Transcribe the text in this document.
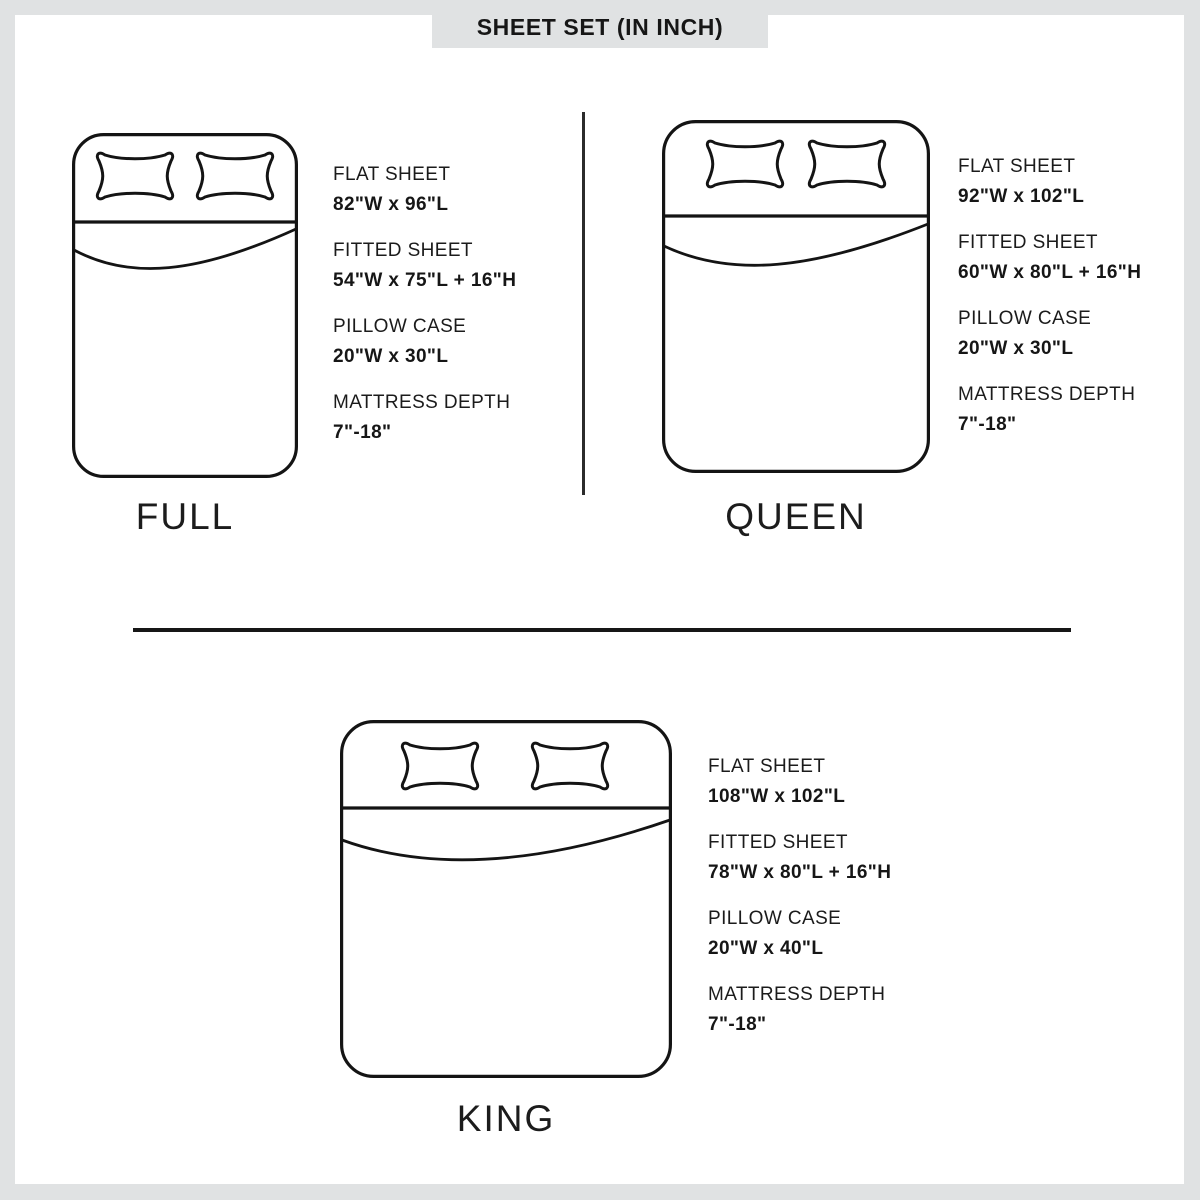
SHEET SET (IN INCH)
FULL

FLAT SHEET

82"W x 96"L

FITTED SHEET

54"W x 75"L + 16"H

PILLOW CASE

20"W x 30"L

MATTRESS DEPTH

7"-18"

QUEEN

FLAT SHEET

92"W x 102"L

FITTED SHEET

60"W x 80"L + 16"H

PILLOW CASE

20"W x 30"L

MATTRESS DEPTH

7"-18"

KING

FLAT SHEET

108"W x 102"L

FITTED SHEET

78"W x 80"L + 16"H

PILLOW CASE

20"W x 40"L

MATTRESS DEPTH

7"-18"
